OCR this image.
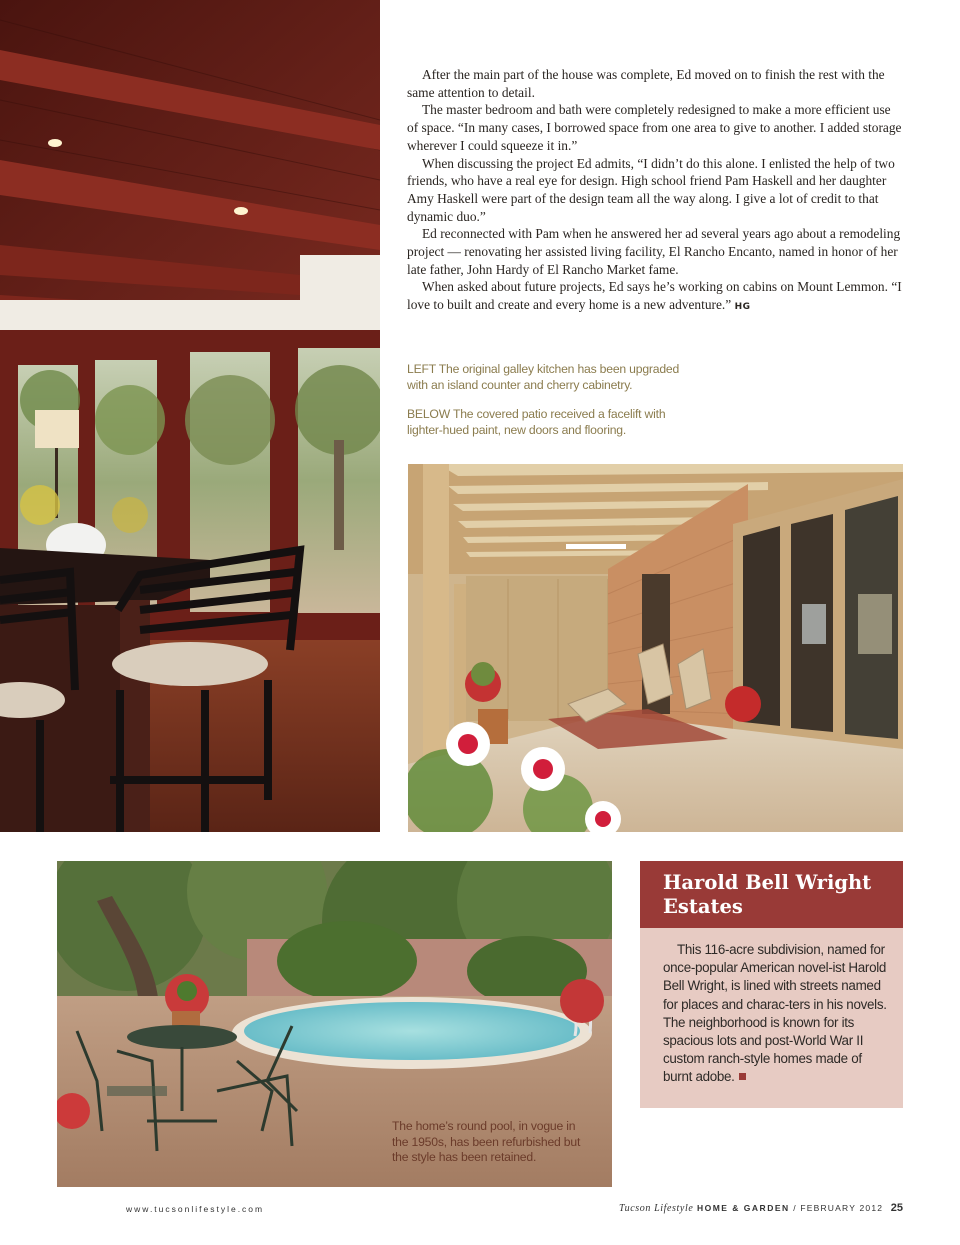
After the main part of the house was complete, Ed moved on to finish the rest with the same attention to detail.

The master bedroom and bath were completely redesigned to make a more efficient use of space. “In many cases, I borrowed space from one area to give to another. I added storage wherever I could squeeze it in.”

When discussing the project Ed admits, “I didn’t do this alone. I enlisted the help of two friends, who have a real eye for design. High school friend Pam Haskell and her daughter Amy Haskell were part of the design team all the way along. I give a lot of credit to that dynamic duo.”

Ed reconnected with Pam when he answered her ad several years ago about a remodeling project — renovating her assisted living facility, El Rancho Encanto, named in honor of her late father, John Hardy of El Rancho Market fame.

When asked about future projects, Ed says he’s working on cabins on Mount Lemmon. “I love to built and create and every home is a new adventure.” HG

LEFT The original galley kitchen has been upgraded with an island counter and cherry cabinetry.
BELOW The covered patio received a facelift with lighter-hued paint, new doors and flooring.
The home’s round pool, in vogue in the 1950s, has been refurbished but the style has been retained.
Harold Bell Wright Estates

This 116-acre subdivision, named for once-popular American novel-ist Harold Bell Wright, is lined with streets named for places and charac-ters in his novels. The neighborhood is known for its spacious lots and post-World War II custom ranch-style homes made of burnt adobe.

www.tucsonlifestyle.com	Tucson Lifestyle HOME & GARDEN / FEBRUARY 2012 25
